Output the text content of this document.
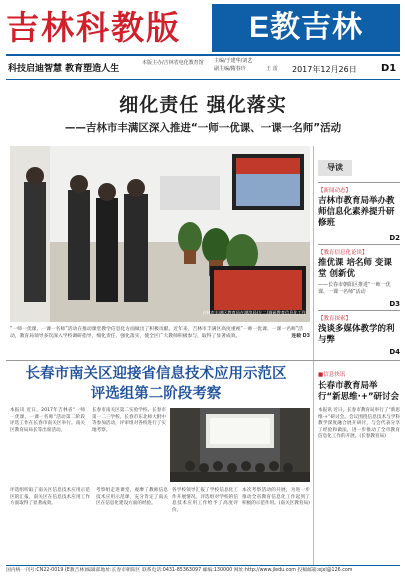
吉林科教版	E教吉林
科技启迪智慧 教育塑造人生
本版主办/吉林省电化教育馆 主编/于建华/刘艺
副主编/隋春玲	王 雷 2017年12月26日 D1
细化责任 强化落实
——吉林市丰满区深入推进“一师一优课、一课一名师”活动
吉林市丰满区教育局在湖滨局(左二)调研教育信息化工作
“一师一优课、一课一名师”活动在推动课堂教学信息化方面做出了积极贡献。近年来，吉林市丰满区高度重视“一师一优课、一课一名师”活动，教育局领导多次深入学校调研指导，细化责任，强化落实，使全区广大教师积极参与，取得了显著成效。	连载 D3
导读
【新闻动态】
吉林市教育局举办教师信息化素养提升研修班
D2
【教育信息化论谈】
推优课 培名师 变课堂 创新优
——长春市朝阳区推进“一师一优课、一课一名师”活动
D3
【教育探索】
浅谈多媒体教学的利与弊
D4
长春市南关区迎接省信息技术应用示范区
评选组第二阶段考察
本报讯 近日，2017年吉林省“一师一优课、一课一名师”活动第二阶段评选工作在长春市南关区举行。南关区教育局局长等出席活动。
长春市南关区第二实验学校、长春市第一二三学校、长春市东北师大附中等参加活动，评审组对各校进行了实地考察。
评选组听取了南关区信息技术应用示范区的汇报，南关区在信息技术应用工作方面取得了显著成效。
考察组走进课堂，观摩了教师信息技术应用示范课，充分肯定了南关区在信息化建设方面的经验。
各学校领导汇报了学校信息化工作开展情况，评选组对学校的信息技术应用工作给予了高度评价。
本次考察活动的开展，为进一步推动全省教育信息化工作起到了积极的示范作用。(南关区教育局)
■信息快讯
长春市教育局举行“新思维·+”研讨会
本报讯 近日，长春市教育局举行了“新思维·+”研讨会。会议围绕信息技术与学科教学深度融合展开研讨，与会代表分享了经验和做法，进一步推动了全市教育信息化工作的开展。(长春教育局)
国内统一刊号:CN22-0019 (E教吉林)编辑部地址:长春市朝阳区 联系电话:0431-85363097 邮编:130000 网址:http://www.jledu.com 投稿邮箱:ejxl@126.com
